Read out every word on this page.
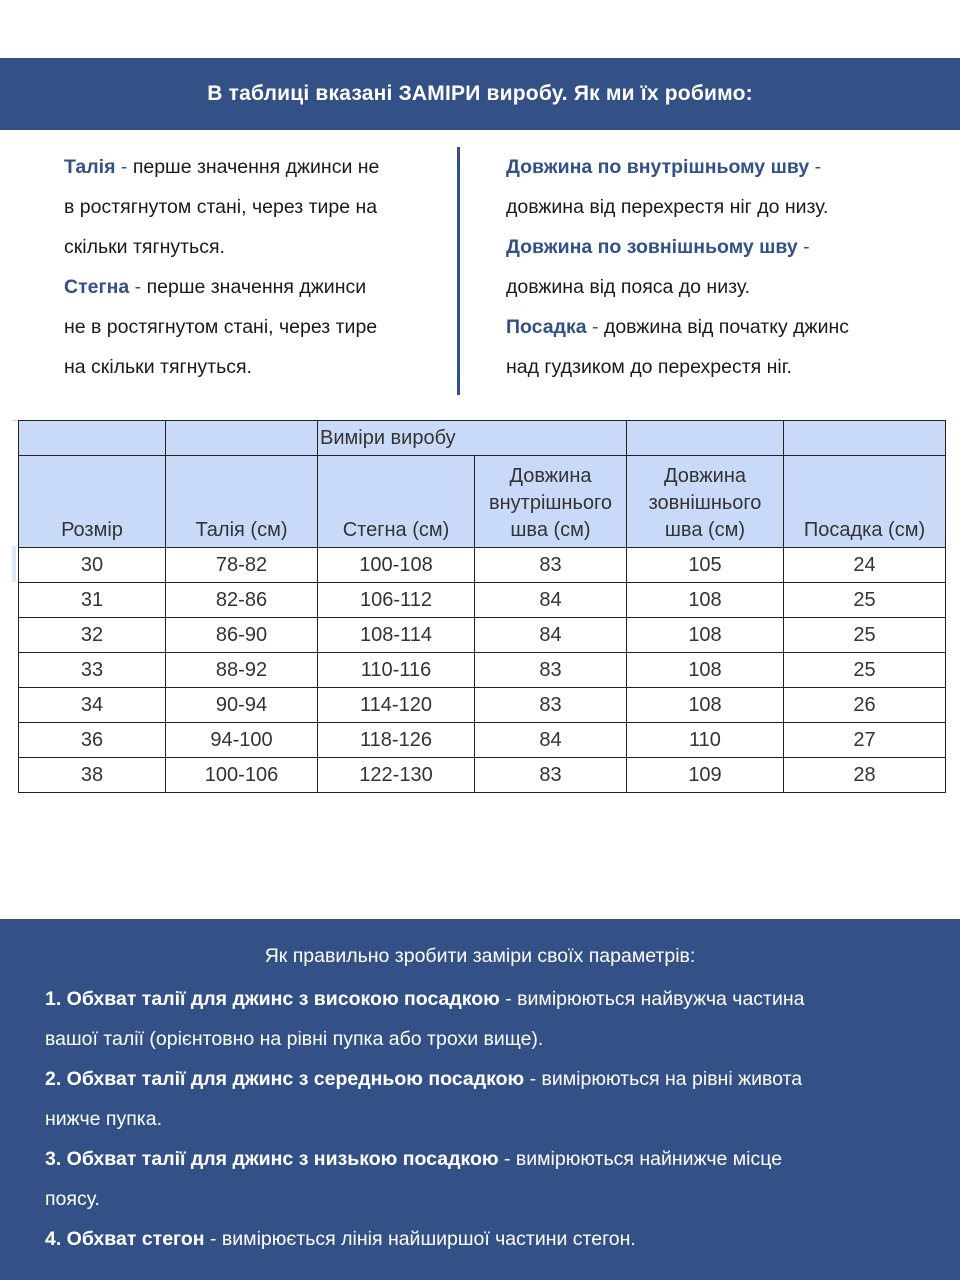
В таблиці вказані ЗАМІРИ виробу. Як ми їх робимо:
Талія - перше значення джинси не
в ростягнутом стані, через тире на
скільки тягнуться.
Стегна - перше значення джинси
не в ростягнутом стані, через тире
на скільки тягнуться.
Довжина по внутрішньому шву -
довжина від перехрестя ніг до низу.
Довжина по зовнішньому шву -
довжина від пояса до низу.
Посадка - довжина від початку джинс
над гудзиком до перехрестя ніг.
		Виміри виробу			
Розмір	Талія (см)	Стегна (см)	Довжина
внутрішнього
шва (см)	Довжина
зовнішнього
шва (см)	Посадка (см)
30	78-82	100-108	83	105	24
31	82-86	106-112	84	108	25
32	86-90	108-114	84	108	25
33	88-92	110-116	83	108	25
34	90-94	114-120	83	108	26
36	94-100	118-126	84	110	27
38	100-106	122-130	83	109	28
Як правильно зробити заміри своїх параметрів:
1. Обхват талії для джинс з високою посадкою - вимірюються найвужча частина
вашої талії (орієнтовно на рівні пупка або трохи вище).
2. Обхват талії для джинс з середньою посадкою - вимірюються на рівні живота
нижче пупка.
3. Обхват талії для джинс з низькою посадкою - вимірюються найнижче місце
поясу.
4. Обхват стегон - вимірюється лінія найширшої частини стегон.
